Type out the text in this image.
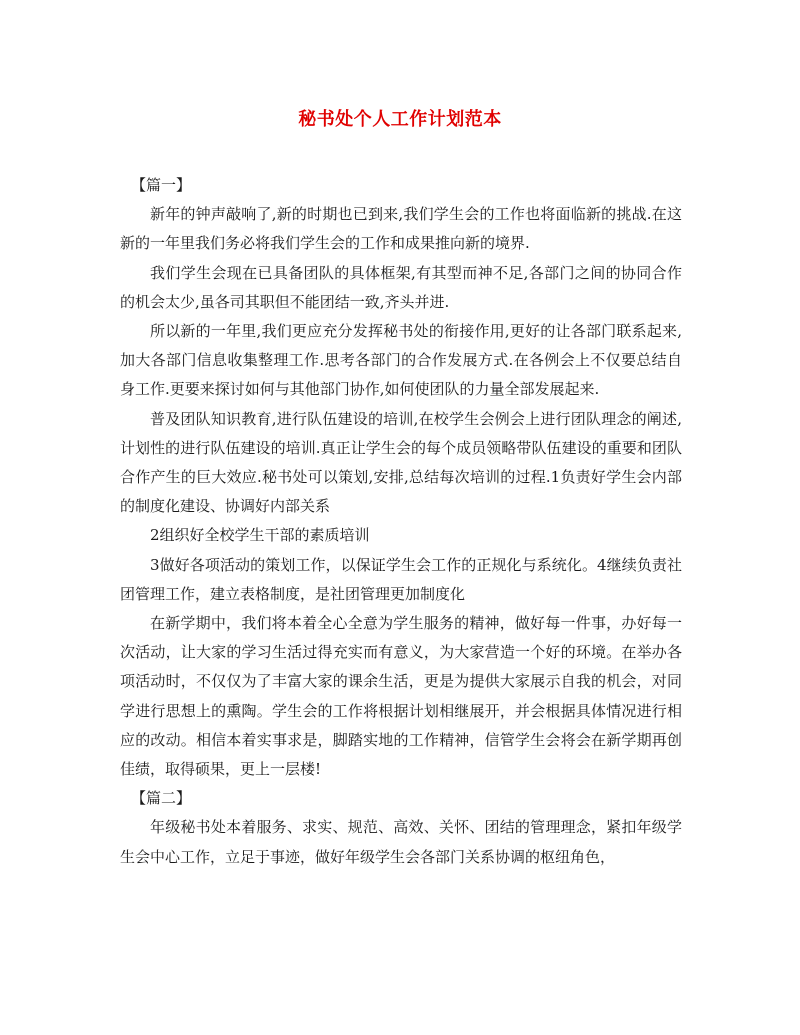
秘书处个人工作计划范本

【篇一】

新年的钟声敲响了,新的时期也已到来,我们学生会的工作也将面临新的挑战.在这新的一年里我们务必将我们学生会的工作和成果推向新的境界.

我们学生会现在已具备团队的具体框架,有其型而神不足,各部门之间的协同合作的机会太少,虽各司其职但不能团结一致,齐头并进.

所以新的一年里,我们更应充分发挥秘书处的衔接作用,更好的让各部门联系起来,加大各部门信息收集整理工作.思考各部门的合作发展方式.在各例会上不仅要总结自身工作.更要来探讨如何与其他部门协作,如何使团队的力量全部发展起来.

普及团队知识教育,进行队伍建设的培训,在校学生会例会上进行团队理念的阐述,计划性的进行队伍建设的培训.真正让学生会的每个成员领略带队伍建设的重要和团队合作产生的巨大效应.秘书处可以策划,安排,总结每次培训的过程.1负责好学生会内部的制度化建设、协调好内部关系

2组织好全校学生干部的素质培训

3做好各项活动的策划工作，以保证学生会工作的正规化与系统化。4继续负责社团管理工作，建立表格制度，是社团管理更加制度化

在新学期中，我们将本着全心全意为学生服务的精神，做好每一件事，办好每一次活动，让大家的学习生活过得充实而有意义，为大家营造一个好的环境。在举办各项活动时，不仅仅为了丰富大家的课余生活，更是为提供大家展示自我的机会，对同学进行思想上的熏陶。学生会的工作将根据计划相继展开，并会根据具体情况进行相应的改动。相信本着实事求是，脚踏实地的工作精神，信管学生会将会在新学期再创佳绩，取得硕果，更上一层楼!

【篇二】

年级秘书处本着服务、求实、规范、高效、关怀、团结的管理理念，紧扣年级学生会中心工作，立足于事迹，做好年级学生会各部门关系协调的枢纽角色，
